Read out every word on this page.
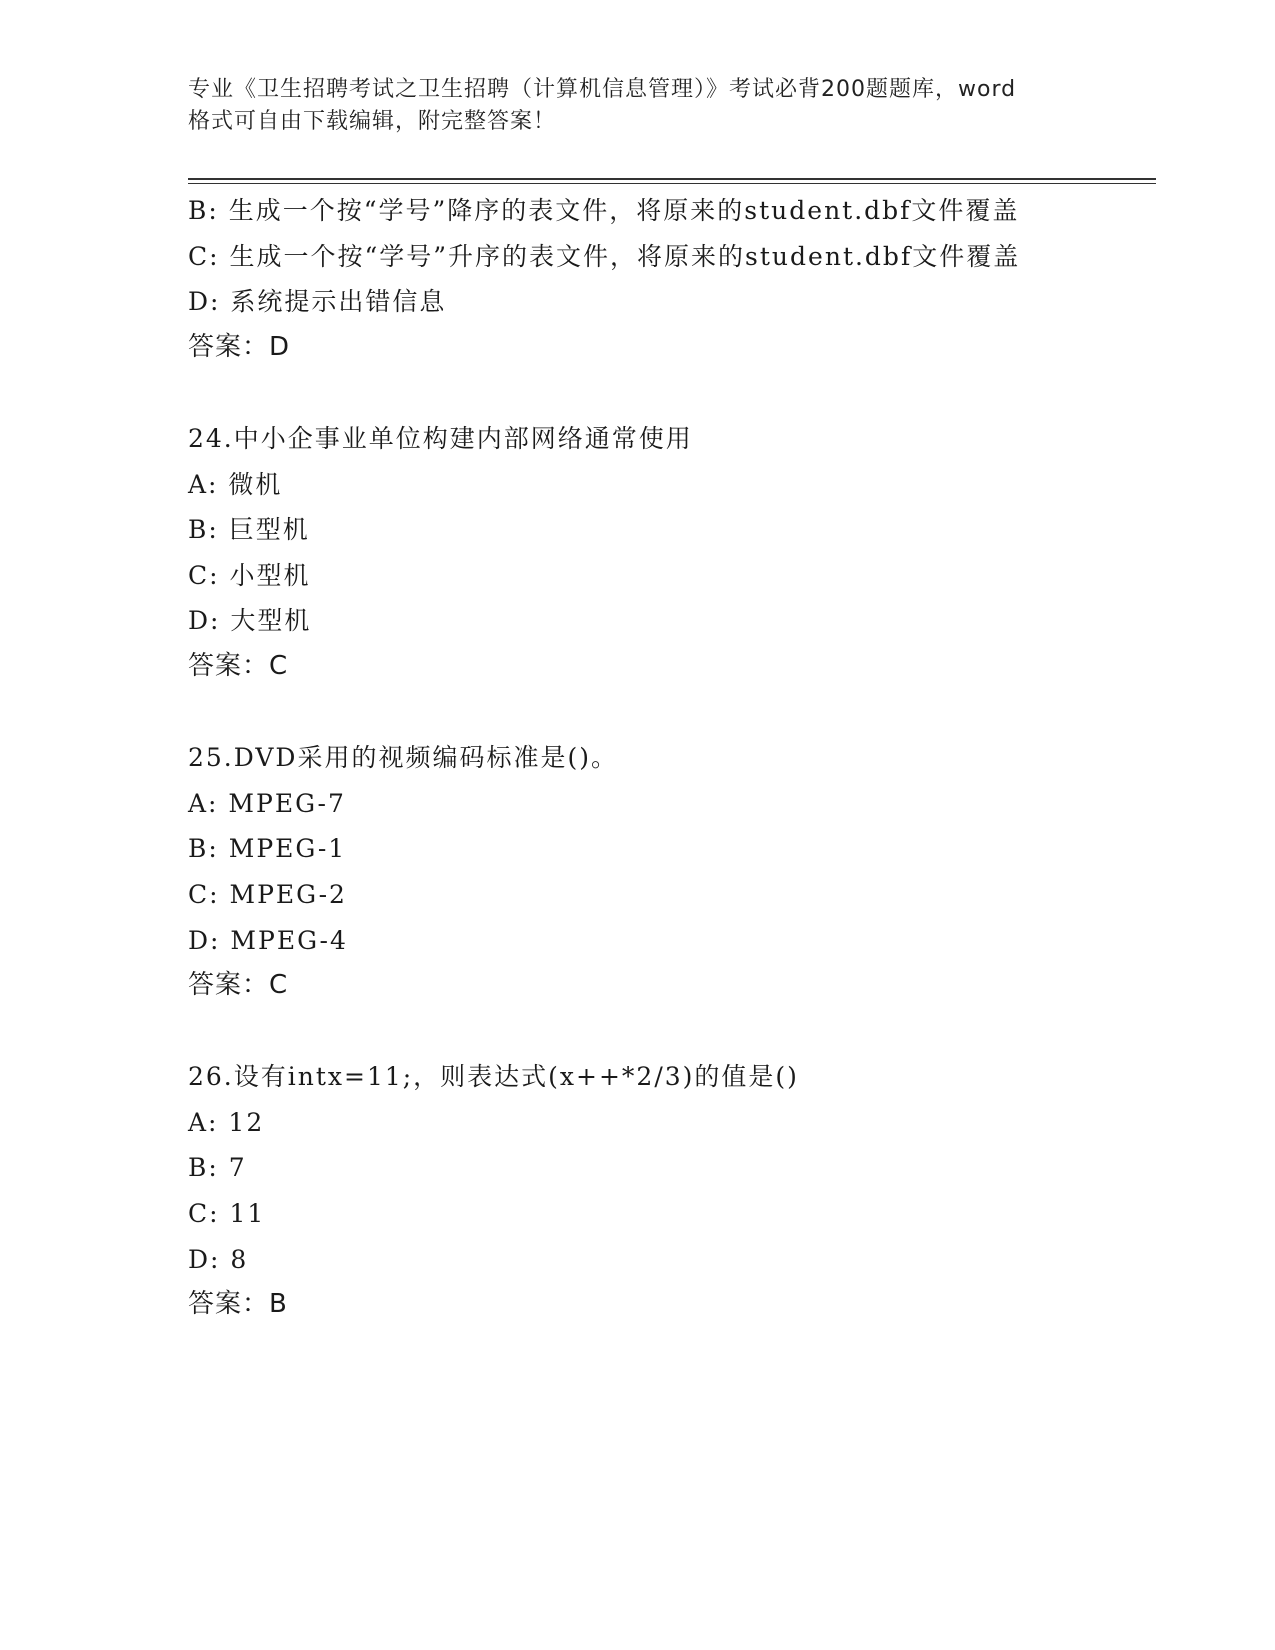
专业《卫生招聘考试之卫生招聘（计算机信息管理）》考试必背200题题库，word
格式可自由下载编辑，附完整答案！
B: 生成一个按“学号”降序的表文件，将原来的student.dbf文件覆盖
C: 生成一个按“学号”升序的表文件，将原来的student.dbf文件覆盖
D: 系统提示出错信息
答案：D
24.中小企事业单位构建内部网络通常使用
A: 微机
B: 巨型机
C: 小型机
D: 大型机
答案：C
25.DVD采用的视频编码标准是()。
A: MPEG-7
B: MPEG-1
C: MPEG-2
D: MPEG-4
答案：C
26.设有intx=11;，则表达式(x++*2/3)的值是()
A: 12
B: 7
C: 11
D: 8
答案：B
